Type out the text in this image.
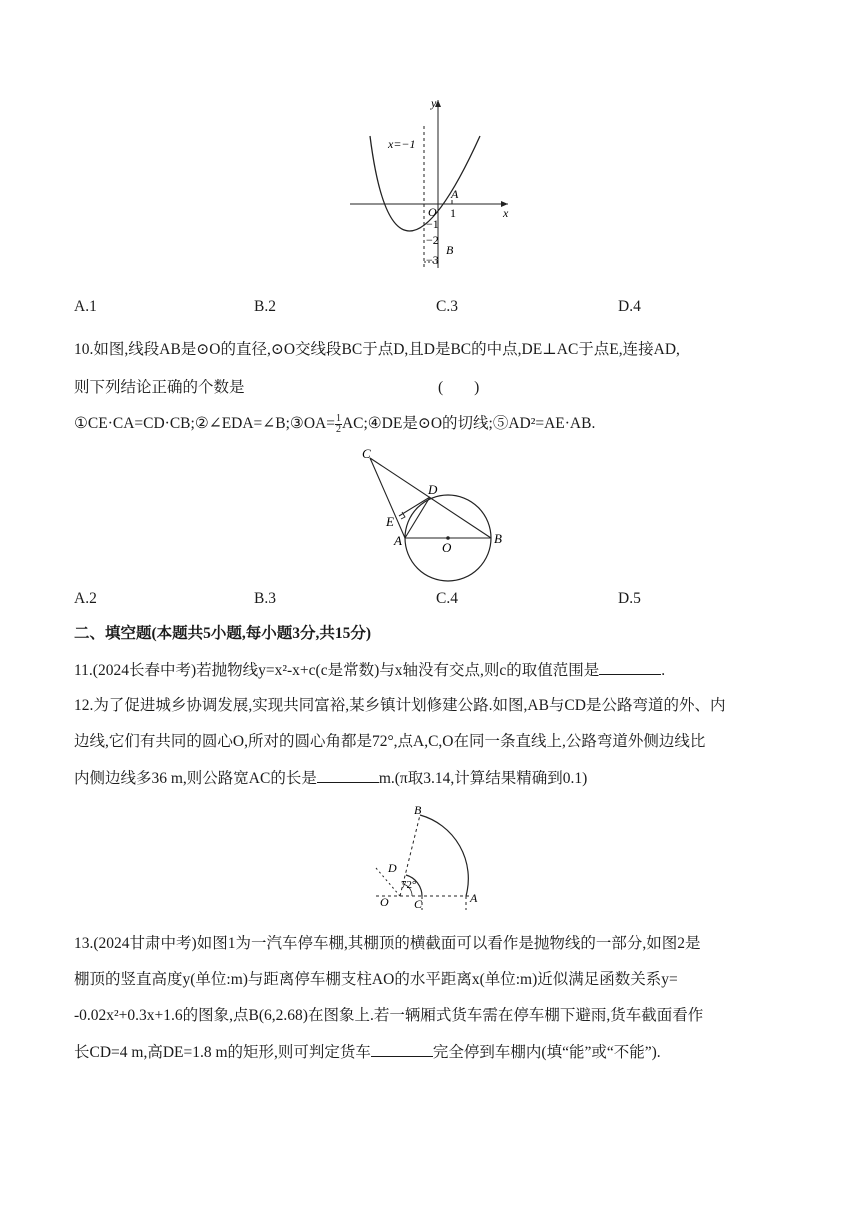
y
x
x=−1
A
O 1
−1
−2
B
−3
A.1	B.2	C.3	D.4
10.如图,线段AB是⊙O的直径,⊙O交线段BC于点D,且D是BC的中点,DE⊥AC于点E,连接AD,
则下列结论正确的个数是	(　　)
①CE·CA=CD·CB;②∠EDA=∠B;③OA= $\frac{1}{2}$ AC;④DE是⊙O的切线;⑤AD²=AE·AB.
C
D
E
A	O
B
A.2	B.3	C.4	D.5
二、填空题(本题共5小题,每小题3分,共15分)
11.(2024长春中考)若抛物线y=x²-x+c(c是常数)与x轴没有交点,则c的取值范围是	.
12.为了促进城乡协调发展,实现共同富裕,某乡镇计划修建公路.如图,AB与CD是公路弯道的外、内
边线,它们有共同的圆心O,所对的圆心角都是72°,点A,C,O在同一条直线上,公路弯道外侧边线比
内侧边线多36 m,则公路宽AC的长是	m.(π取3.14,计算结果精确到0.1)
B
D
72°
O C	A
13.(2024甘肃中考)如图1为一汽车停车棚,其棚顶的横截面可以看作是抛物线的一部分,如图2是
棚顶的竖直高度y(单位:m)与距离停车棚支柱AO的水平距离x(单位:m)近似满足函数关系y=
-0.02x²+0.3x+1.6的图象,点B(6,2.68)在图象上.若一辆厢式货车需在停车棚下避雨,货车截面看作
长CD=4 m,高DE=1.8 m的矩形,则可判定货车	完全停到车棚内(填“能”或“不能”).
